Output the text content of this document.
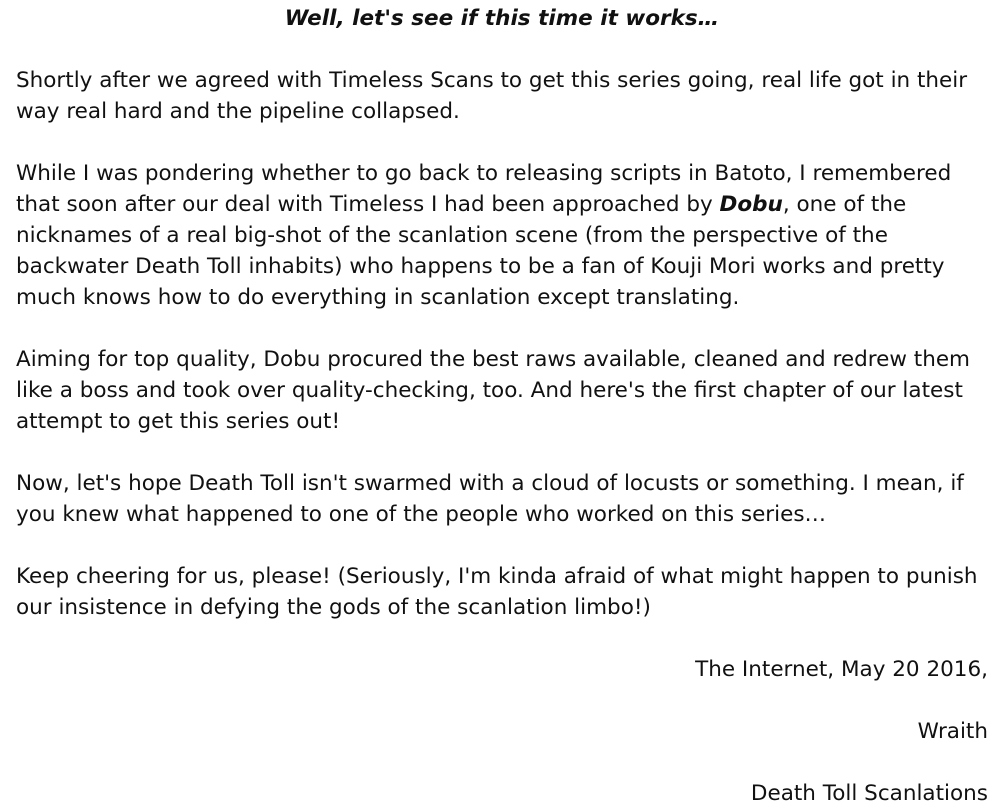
Well, let's see if this time it works…
Shortly after we agreed with Timeless Scans to get this series going, real life got in their way real hard and the pipeline collapsed.
While I was pondering whether to go back to releasing scripts in Batoto, I remembered that soon after our deal with Timeless I had been approached by Dobu, one of the nicknames of a real big-shot of the scanlation scene (from the perspective of the backwater Death Toll inhabits) who happens to be a fan of Kouji Mori works and pretty much knows how to do everything in scanlation except translating.
Aiming for top quality, Dobu procured the best raws available, cleaned and redrew them like a boss and took over quality-checking, too. And here's the first chapter of our latest attempt to get this series out!
Now, let's hope Death Toll isn't swarmed with a cloud of locusts or something. I mean, if you knew what happened to one of the people who worked on this series…
Keep cheering for us, please! (Seriously, I'm kinda afraid of what might happen to punish our insistence in defying the gods of the scanlation limbo!)
The Internet, May 20 2016,
Wraith
Death Toll Scanlations
